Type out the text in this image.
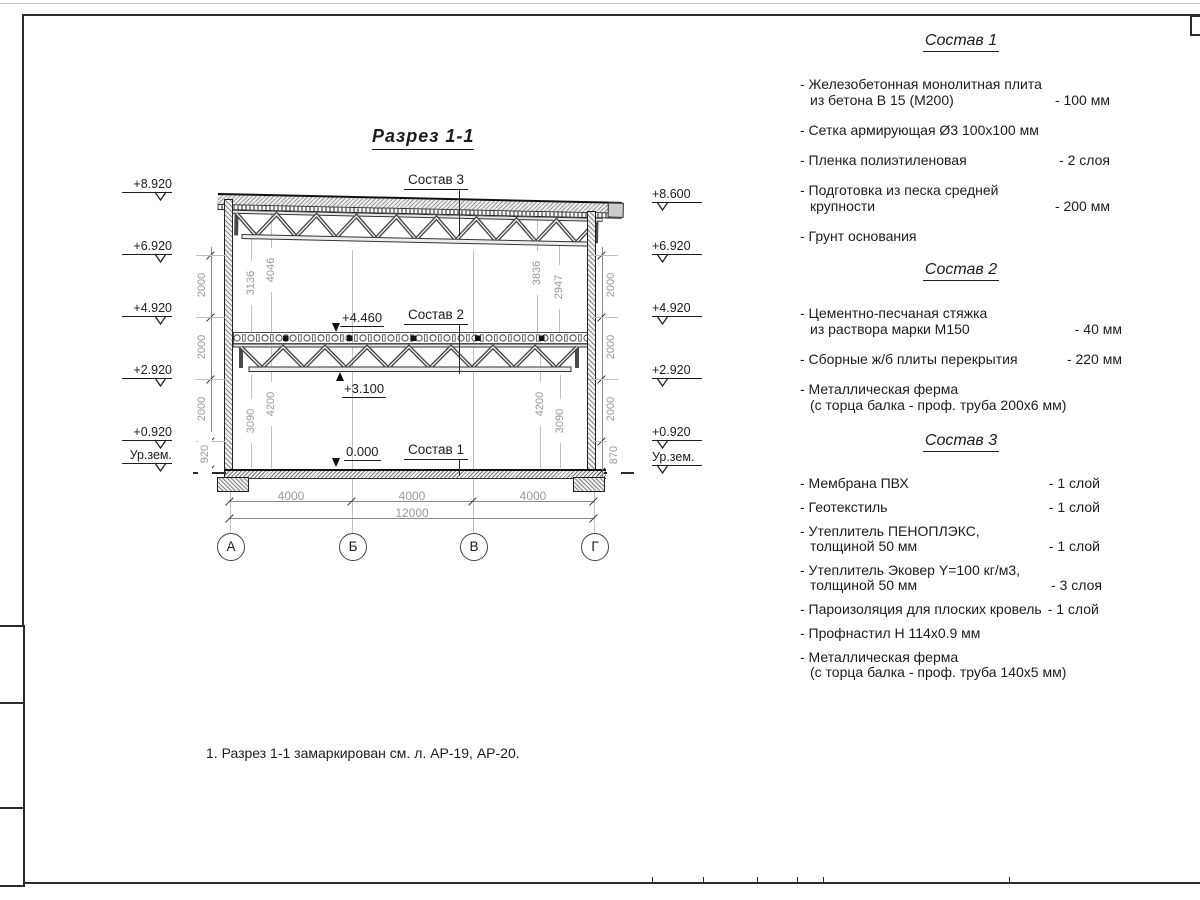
Разрез 1-1
Состав 3
Состав 2
Состав 1
+4.460
+3.100
0.000
+8.920
+6.920
+4.920
+2.920
+0.920
Ур.зем.
+8.600
+6.920
+4.920
+2.920
+0.920
Ур.зем.
2000
2000
2000
920
2000
2000
2000
870
3136
4046	3836
2947
3090
4200	4200
3090
4000	4000	4000
12000
А	Б	В	Г
Состав 1
- Железобетонная монолитная плита
из бетона В 15 (М200)	- 100 мм
- Сетка армирующая Ø3 100х100 мм
- Пленка полиэтиленовая	- 2 слоя
- Подготовка из песка средней
крупности	- 200 мм
- Грунт основания
Состав 2
- Цементно-песчаная стяжка
из раствора марки М150	- 40 мм
- Сборные ж/б плиты перекрытия	- 220 мм
- Металлическая ферма
(с торца балка - проф. труба 200х6 мм)
Состав 3
- Мембрана ПВХ	- 1 слой
- Геотекстиль	- 1 слой
- Утеплитель ПЕНОПЛЭКС,
толщиной 50 мм	- 1 слой
- Утеплитель Эковер Y=100 кг/м3,
толщиной 50 мм	- 3 слоя
- Пароизоляция для плоских кровель - 1 слой
- Профнастил Н 114х0.9 мм
- Металлическая ферма
(с торца балка - проф. труба 140х5 мм)
1. Разрез 1-1 замаркирован см. л. АР-19, АР-20.
